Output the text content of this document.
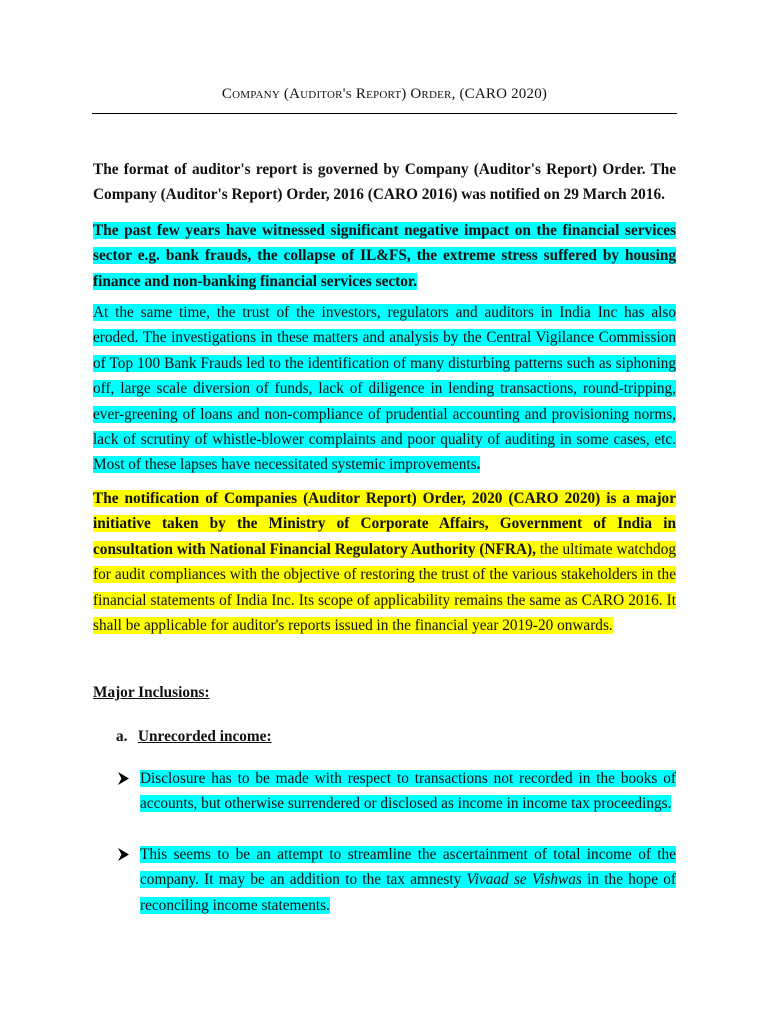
Company (Auditor's Report) Order, (CARO 2020)

The format of auditor's report is governed by Company (Auditor's Report) Order. The Company (Auditor's Report) Order, 2016 (CARO 2016) was notified on 29 March 2016.

The past few years have witnessed significant negative impact on the financial services sector e.g. bank frauds, the collapse of IL&FS, the extreme stress suffered by housing finance and non-banking financial services sector.

At the same time, the trust of the investors, regulators and auditors in India Inc has also eroded. The investigations in these matters and analysis by the Central Vigilance Commission of Top 100 Bank Frauds led to the identification of many disturbing patterns such as siphoning off, large scale diversion of funds, lack of diligence in lending transactions, round-tripping, ever-greening of loans and non-compliance of prudential accounting and provisioning norms, lack of scrutiny of whistle-blower complaints and poor quality of auditing in some cases, etc. Most of these lapses have necessitated systemic improvements.

The notification of Companies (Auditor Report) Order, 2020 (CARO 2020) is a major initiative taken by the Ministry of Corporate Affairs, Government of India in consultation with National Financial Regulatory Authority (NFRA), the ultimate watchdog for audit compliances with the objective of restoring the trust of the various stakeholders in the financial statements of India Inc. Its scope of applicability remains the same as CARO 2016. It shall be applicable for auditor's reports issued in the financial year 2019-20 onwards.

Major Inclusions:

a. Unrecorded income:

Disclosure has to be made with respect to transactions not recorded in the books of accounts, but otherwise surrendered or disclosed as income in income tax proceedings.

This seems to be an attempt to streamline the ascertainment of total income of the company. It may be an addition to the tax amnesty Vivaad se Vishwas in the hope of reconciling income statements.
